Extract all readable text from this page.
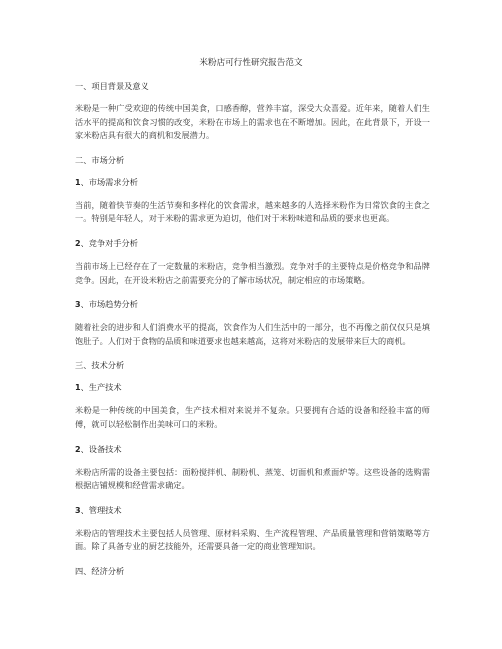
米粉店可行性研究报告范文
一、项目背景及意义
米粉是一种广受欢迎的传统中国美食，口感香醇，营养丰富，深受大众喜爱。近年来，随着人们生活水平的提高和饮食习惯的改变，米粉在市场上的需求也在不断增加。因此，在此背景下，开设一家米粉店具有很大的商机和发展潜力。
二、市场分析
1、市场需求分析
当前，随着快节奏的生活节奏和多样化的饮食需求，越来越多的人选择米粉作为日常饮食的主食之一。特别是年轻人，对于米粉的需求更为迫切，他们对于米粉味道和品质的要求也更高。
2、竞争对手分析
当前市场上已经存在了一定数量的米粉店，竞争相当激烈。竞争对手的主要特点是价格竞争和品牌竞争。因此，在开设米粉店之前需要充分的了解市场状况，制定相应的市场策略。
3、市场趋势分析
随着社会的进步和人们消费水平的提高，饮食作为人们生活中的一部分，也不再像之前仅仅只是填饱肚子。人们对于食物的品质和味道要求也越来越高，这将对米粉店的发展带来巨大的商机。
三、技术分析
1、生产技术
米粉是一种传统的中国美食，生产技术相对来说并不复杂。只要拥有合适的设备和经验丰富的师傅，就可以轻松制作出美味可口的米粉。
2、设备技术
米粉店所需的设备主要包括：面粉搅拌机、制粉机、蒸笼、切面机和煮面炉等。这些设备的选购需根据店铺规模和经营需求确定。
3、管理技术
米粉店的管理技术主要包括人员管理、原材料采购、生产流程管理、产品质量管理和营销策略等方面。除了具备专业的厨艺技能外，还需要具备一定的商业管理知识。
四、经济分析
